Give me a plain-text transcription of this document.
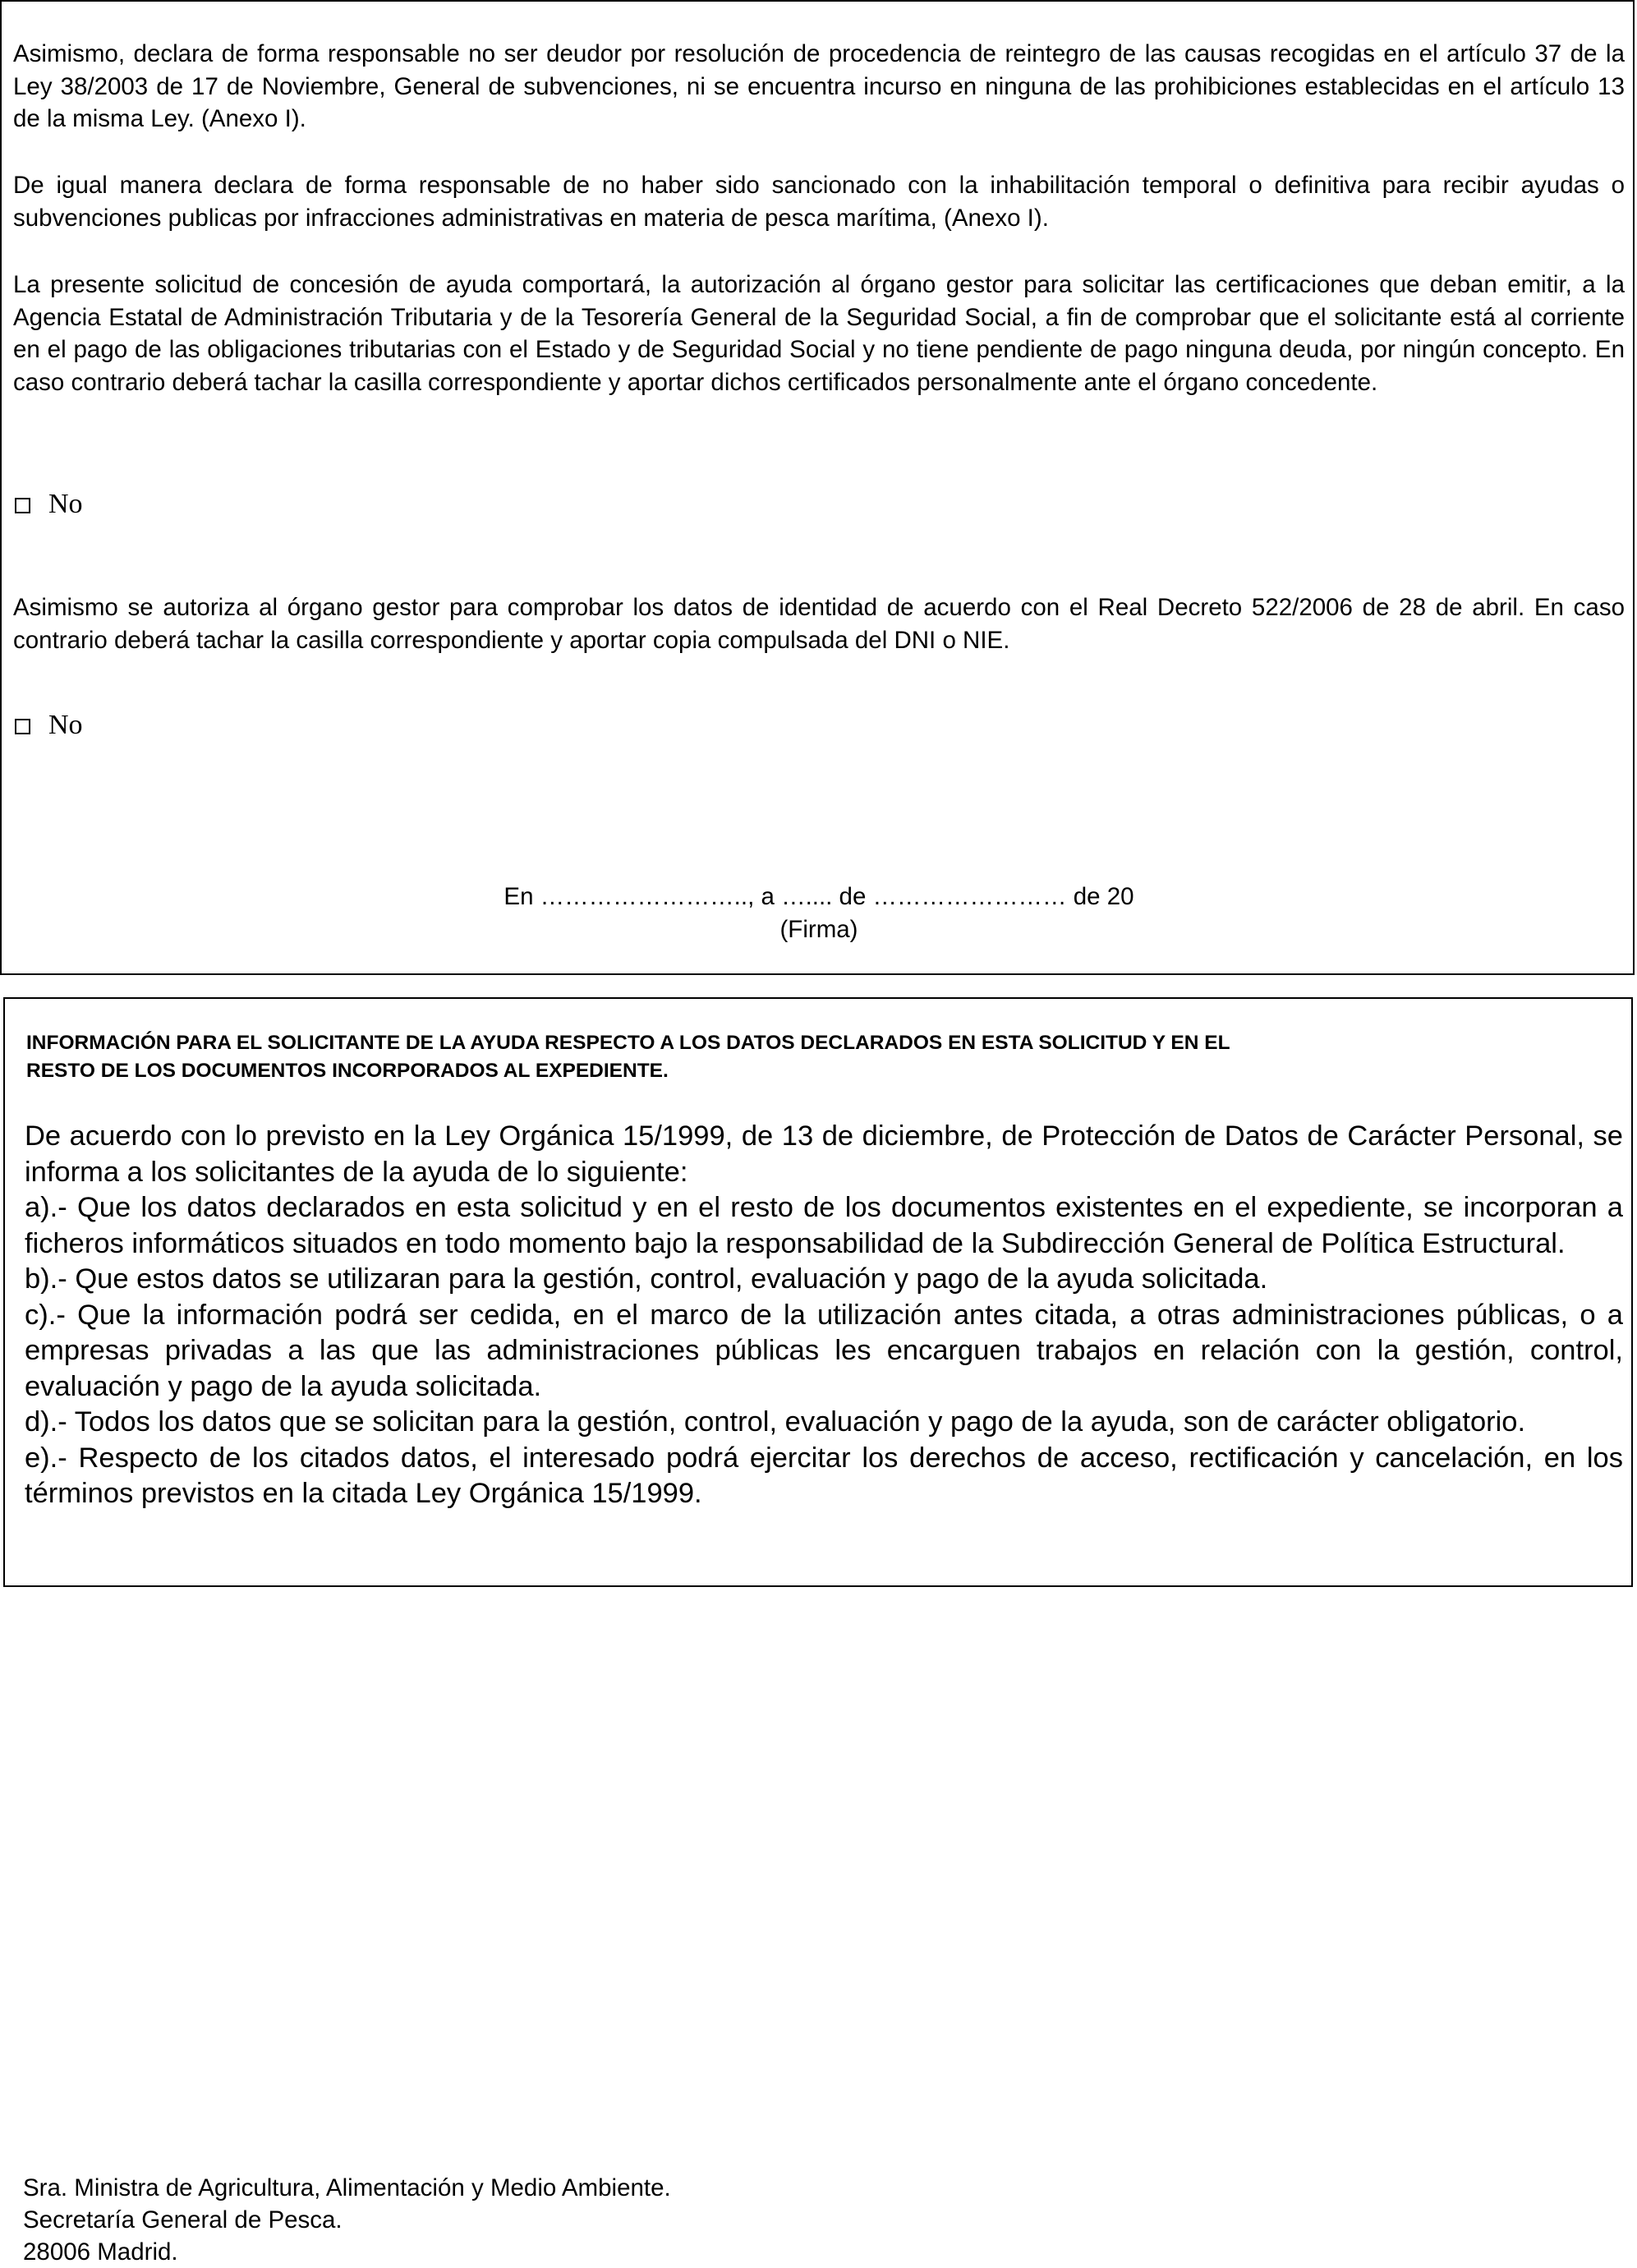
Asimismo, declara de forma responsable no ser deudor por resolución de procedencia de reintegro de las causas recogidas en el artículo 37 de la Ley 38/2003 de 17 de Noviembre, General de subvenciones, ni se encuentra incurso en ninguna de las prohibiciones establecidas en el artículo 13 de la misma Ley. (Anexo I).

De igual manera declara de forma responsable de no haber sido sancionado con la inhabilitación temporal o definitiva para recibir ayudas o subvenciones publicas por infracciones administrativas en materia de pesca marítima, (Anexo I).

La presente solicitud de concesión de ayuda comportará, la autorización al órgano gestor para solicitar las certificaciones que deban emitir, a la Agencia Estatal de Administración Tributaria y de la Tesorería General de la Seguridad Social, a fin de comprobar que el solicitante está al corriente en el pago de las obligaciones tributarias con el Estado y de Seguridad Social y no tiene pendiente de pago ninguna deuda, por ningún concepto. En caso contrario deberá tachar la casilla correspondiente y aportar dichos certificados personalmente ante el órgano concedente.

No

Asimismo se autoriza al órgano gestor para comprobar los datos de identidad de acuerdo con el Real Decreto 522/2006 de 28 de abril. En caso contrario deberá tachar la casilla correspondiente y aportar copia compulsada del DNI o NIE.

No
En …………………….., a ….... de …………………… de 20
(Firma)
INFORMACIÓN PARA EL SOLICITANTE DE LA AYUDA RESPECTO A LOS DATOS DECLARADOS EN ESTA SOLICITUD Y EN EL
RESTO DE LOS DOCUMENTOS INCORPORADOS AL EXPEDIENTE.
De acuerdo con lo previsto en la Ley Orgánica 15/1999, de 13 de diciembre, de Protección de Datos de Carácter Personal, se informa a los solicitantes de la ayuda de lo siguiente:
a).- Que los datos declarados en esta solicitud y en el resto de los documentos existentes en el expediente, se incorporan a ficheros informáticos situados en todo momento bajo la responsabilidad de la Subdirección General de Política Estructural.
b).- Que estos datos se utilizaran para la gestión, control, evaluación y pago de la ayuda solicitada.
c).- Que la información podrá ser cedida, en el marco de la utilización antes citada, a otras administraciones públicas, o a empresas privadas a las que las administraciones públicas les encarguen trabajos en relación con la gestión, control, evaluación y pago de la ayuda solicitada.
d).- Todos los datos que se solicitan para la gestión, control, evaluación y pago de la ayuda, son de carácter obligatorio.
e).- Respecto de los citados datos, el interesado podrá ejercitar los derechos de acceso, rectificación y cancelación, en los términos previstos en la citada Ley Orgánica 15/1999.
Sra. Ministra de Agricultura, Alimentación y Medio Ambiente.
Secretaría General de Pesca.
28006 Madrid.
